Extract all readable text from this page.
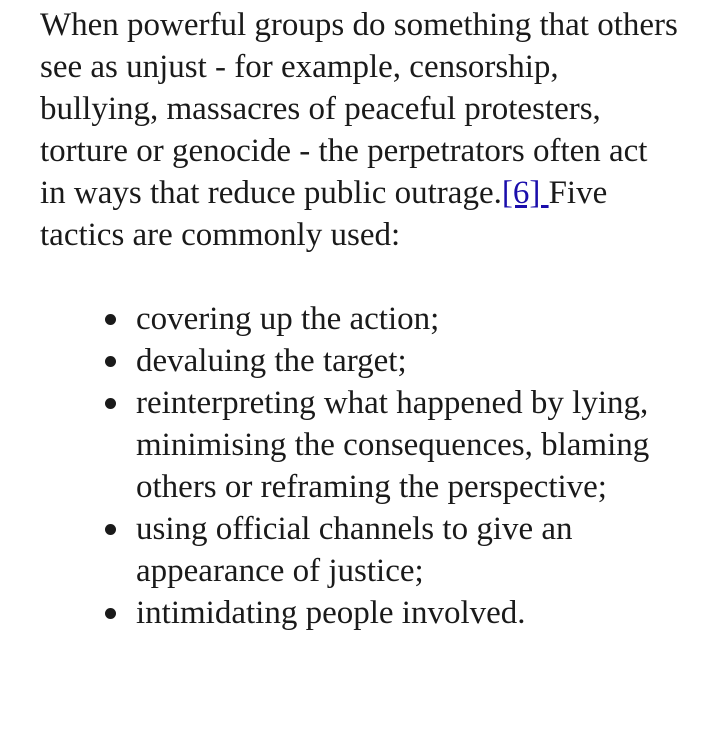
When powerful groups do something that others see as unjust - for example, censorship, bullying, massacres of peaceful protesters, torture or genocide - the perpetrators often act in ways that reduce public outrage.[6] Five tactics are commonly used:

covering up the action;
devaluing the target;
reinterpreting what happened by lying, minimising the consequences, blaming others or reframing the perspective;
using official channels to give an appearance of justice;
intimidating people involved.
